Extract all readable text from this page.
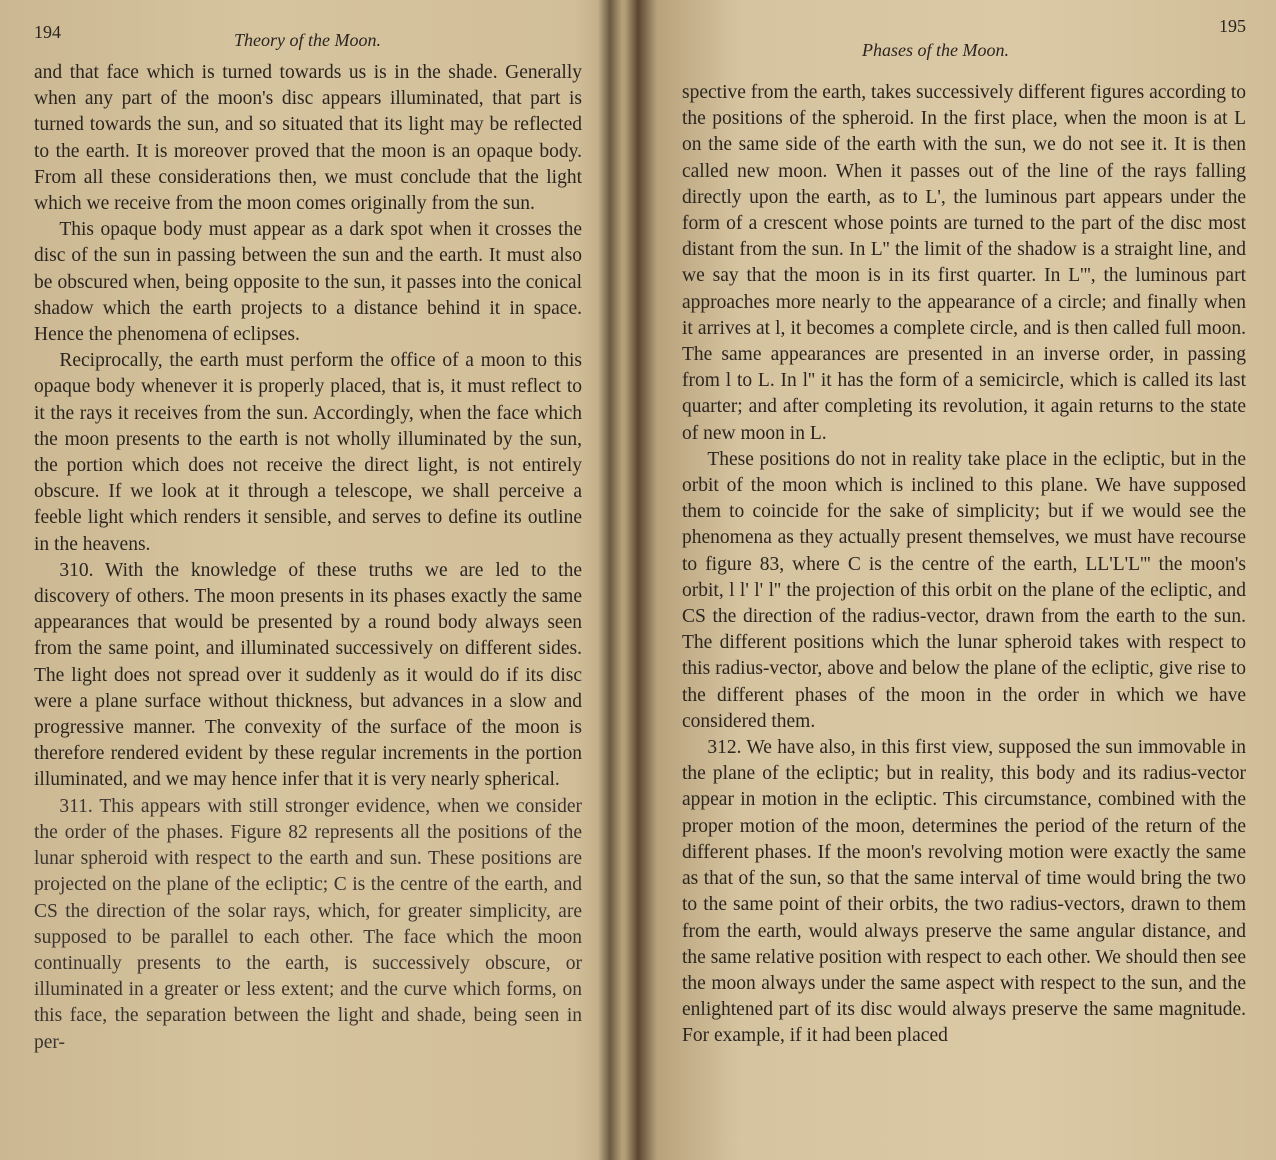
194	Theory of the Moon.

and that face which is turned towards us is in the shade. Generally when any part of the moon's disc appears illuminated, that part is turned towards the sun, and so situated that its light may be reflected to the earth. It is moreover proved that the moon is an opaque body. From all these considerations then, we must conclude that the light which we receive from the moon comes originally from the sun.

This opaque body must appear as a dark spot when it crosses the disc of the sun in passing between the sun and the earth. It must also be obscured when, being opposite to the sun, it passes into the conical shadow which the earth projects to a distance behind it in space. Hence the phenomena of eclipses.

Reciprocally, the earth must perform the office of a moon to this opaque body whenever it is properly placed, that is, it must reflect to it the rays it receives from the sun. Accordingly, when the face which the moon presents to the earth is not wholly illuminated by the sun, the portion which does not receive the direct light, is not entirely obscure. If we look at it through a telescope, we shall perceive a feeble light which renders it sensible, and serves to define its outline in the heavens.

310. With the knowledge of these truths we are led to the discovery of others. The moon presents in its phases exactly the same appearances that would be presented by a round body always seen from the same point, and illuminated successively on different sides. The light does not spread over it suddenly as it would do if its disc were a plane surface without thickness, but advances in a slow and progressive manner. The convexity of the surface of the moon is therefore rendered evident by these regular increments in the portion illuminated, and we may hence infer that it is very nearly spherical.

311. This appears with still stronger evidence, when we consider the order of the phases. Figure 82 represents all the positions of the lunar spheroid with respect to the earth and sun. These positions are projected on the plane of the ecliptic; C is the centre of the earth, and CS the direction of the solar rays, which, for greater simplicity, are supposed to be parallel to each other. The face which the moon continually presents to the earth, is successively obscure, or illuminated in a greater or less extent; and the curve which forms, on this face, the separation between the light and shade, being seen in per-

Phases of the Moon.
195

spective from the earth, takes successively different figures according to the positions of the spheroid. In the first place, when the moon is at L on the same side of the earth with the sun, we do not see it. It is then called new moon. When it passes out of the line of the rays falling directly upon the earth, as to L', the luminous part appears under the form of a crescent whose points are turned to the part of the disc most distant from the sun. In L'' the limit of the shadow is a straight line, and we say that the moon is in its first quarter. In L''', the luminous part approaches more nearly to the appearance of a circle; and finally when it arrives at l, it becomes a complete circle, and is then called full moon. The same appearances are presented in an inverse order, in passing from l to L. In l'' it has the form of a semicircle, which is called its last quarter; and after completing its revolution, it again returns to the state of new moon in L.

These positions do not in reality take place in the ecliptic, but in the orbit of the moon which is inclined to this plane. We have supposed them to coincide for the sake of simplicity; but if we would see the phenomena as they actually present themselves, we must have recourse to figure 83, where C is the centre of the earth, LL'L'L''' the moon's orbit, l l' l' l'' the projection of this orbit on the plane of the ecliptic, and CS the direction of the radius-vector, drawn from the earth to the sun. The different positions which the lunar spheroid takes with respect to this radius-vector, above and below the plane of the ecliptic, give rise to the different phases of the moon in the order in which we have considered them.

312. We have also, in this first view, supposed the sun immovable in the plane of the ecliptic; but in reality, this body and its radius-vector appear in motion in the ecliptic. This circumstance, combined with the proper motion of the moon, determines the period of the return of the different phases. If the moon's revolving motion were exactly the same as that of the sun, so that the same interval of time would bring the two to the same point of their orbits, the two radius-vectors, drawn to them from the earth, would always preserve the same angular distance, and the same relative position with respect to each other. We should then see the moon always under the same aspect with respect to the sun, and the enlightened part of its disc would always preserve the same magnitude. For example, if it had been placed
